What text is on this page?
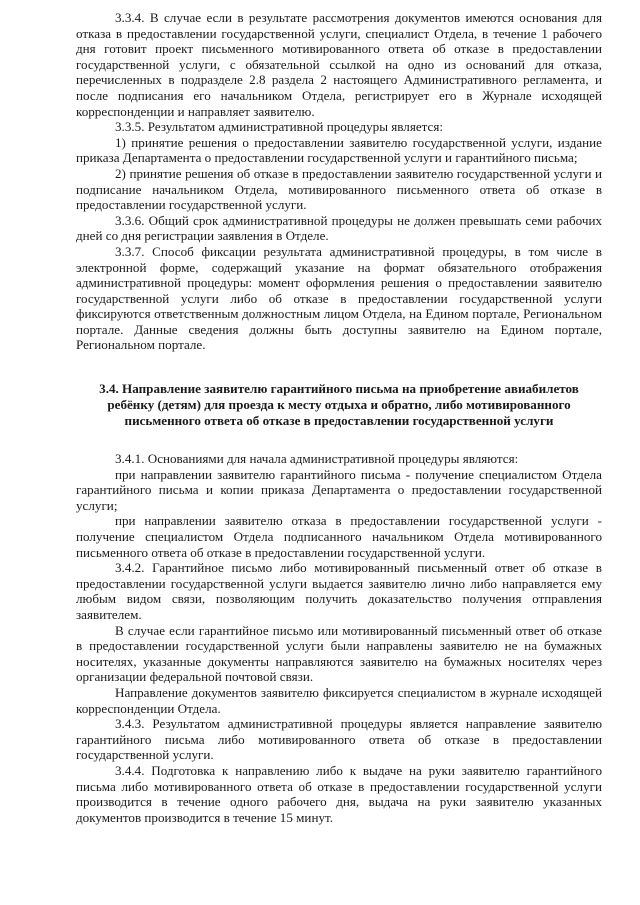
3.3.4. В случае если в результате рассмотрения документов имеются основания для отказа в предоставлении государственной услуги, специалист Отдела, в течение 1 рабочего дня готовит проект письменного мотивированного ответа об отказе в предоставлении государственной услуги, с обязательной ссылкой на одно из оснований для отказа, перечисленных в подразделе 2.8 раздела 2 настоящего Административного регламента, и после подписания его начальником Отдела, регистрирует его в Журнале исходящей корреспонденции и направляет заявителю.

3.3.5. Результатом административной процедуры является:

1) принятие решения о предоставлении заявителю государственной услуги, издание приказа Департамента о предоставлении государственной услуги и гарантийного письма;

2) принятие решения об отказе в предоставлении заявителю государственной услуги и подписание начальником Отдела, мотивированного письменного ответа об отказе в предоставлении государственной услуги.

3.3.6. Общий срок административной процедуры не должен превышать семи рабочих дней со дня регистрации заявления в Отделе.

3.3.7. Способ фиксации результата административной процедуры, в том числе в электронной форме, содержащий указание на формат обязательного отображения административной процедуры: момент оформления решения о предоставлении заявителю государственной услуги либо об отказе в предоставлении государственной услуги фиксируются ответственным должностным лицом Отдела, на Едином портале, Региональном портале. Данные сведения должны быть доступны заявителю на Едином портале, Региональном портале.

3.4. Направление заявителю гарантийного письма на приобретение авиабилетов ребёнку (детям) для проезда к месту отдыха и обратно, либо мотивированного письменного ответа об отказе в предоставлении государственной услуги

3.4.1. Основаниями для начала административной процедуры являются:

при направлении заявителю гарантийного письма - получение специалистом Отдела гарантийного письма и копии приказа Департамента о предоставлении государственной услуги;

при направлении заявителю отказа в предоставлении государственной услуги - получение специалистом Отдела подписанного начальником Отдела мотивированного письменного ответа об отказе в предоставлении государственной услуги.

3.4.2. Гарантийное письмо либо мотивированный письменный ответ об отказе в предоставлении государственной услуги выдается заявителю лично либо направляется ему любым видом связи, позволяющим получить доказательство получения отправления заявителем.

В случае если гарантийное письмо или мотивированный письменный ответ об отказе в предоставлении государственной услуги были направлены заявителю не на бумажных носителях, указанные документы направляются заявителю на бумажных носителях через организации федеральной почтовой связи.

Направление документов заявителю фиксируется специалистом в журнале исходящей корреспонденции Отдела.

3.4.3. Результатом административной процедуры является направление заявителю гарантийного письма либо мотивированного ответа об отказе в предоставлении государственной услуги.

3.4.4. Подготовка к направлению либо к выдаче на руки заявителю гарантийного письма либо мотивированного ответа об отказе в предоставлении государственной услуги производится в течение одного рабочего дня, выдача на руки заявителю указанных документов производится в течение 15 минут.
